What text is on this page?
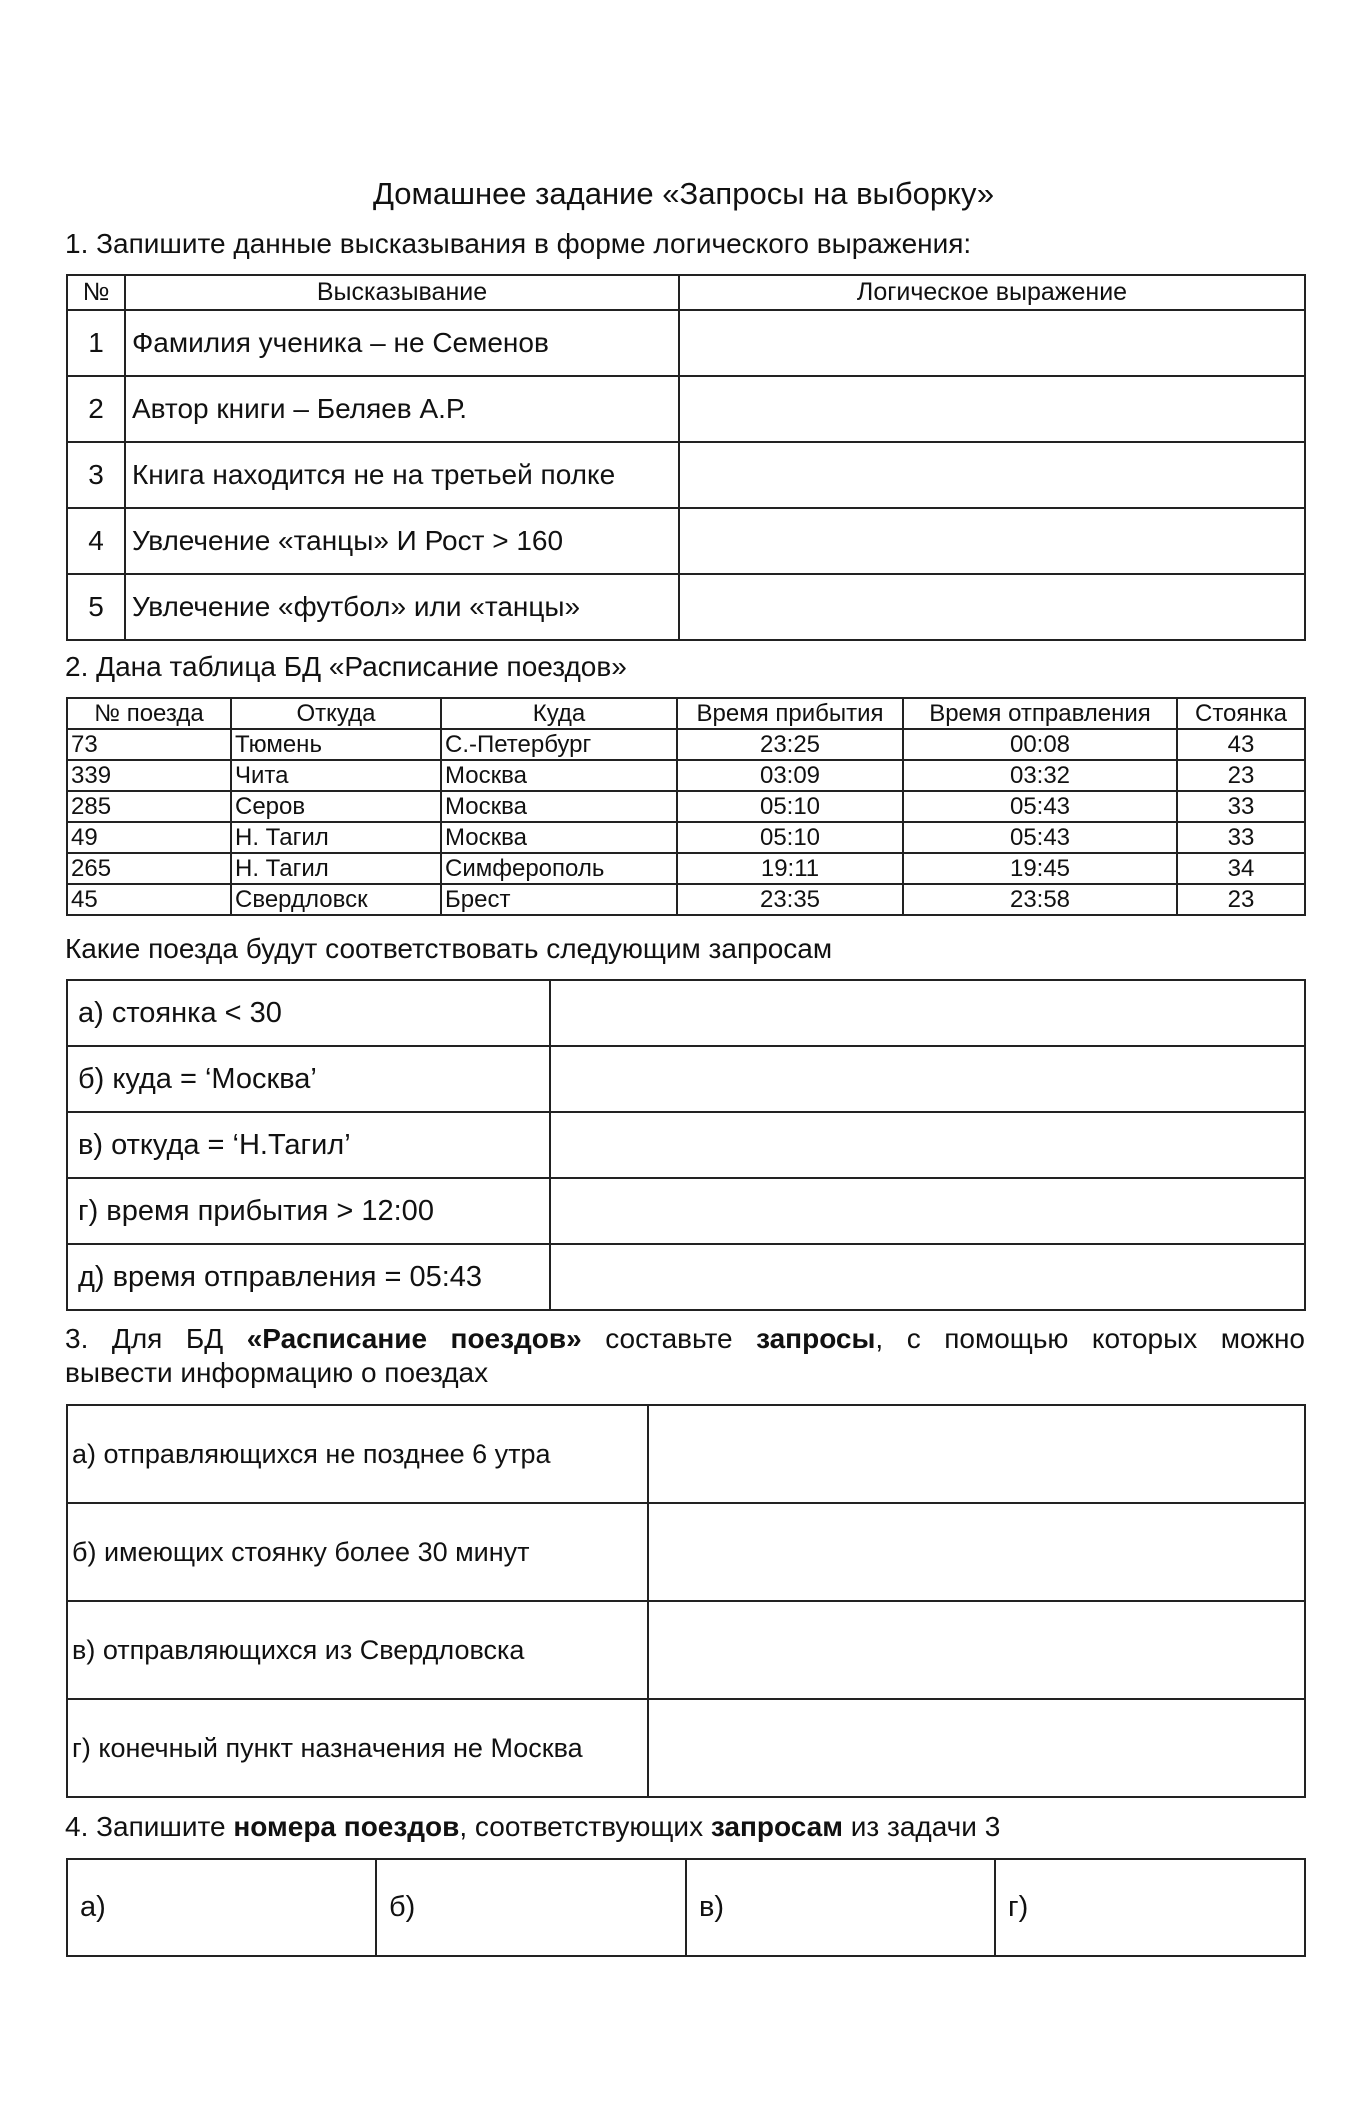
Домашнее задание «Запросы на выборку»
1. Запишите данные высказывания в форме логического выражения:
№	Высказывание	Логическое выражение
1	Фамилия ученика – не Семенов	
2	Автор книги – Беляев А.Р.	
3	Книга находится не на третьей полке	
4	Увлечение «танцы» И Рост > 160	
5	Увлечение «футбол» или «танцы»	
2. Дана таблица БД «Расписание поездов»
№ поезда	Откуда	Куда	Время прибытия	Время отправления	Стоянка
73	Тюмень	С.-Петербург	23:25	00:08	43
339	Чита	Москва	03:09	03:32	23
285	Серов	Москва	05:10	05:43	33
49	Н. Тагил	Москва	05:10	05:43	33
265	Н. Тагил	Симферополь	19:11	19:45	34
45	Свердловск	Брест	23:35	23:58	23
Какие поезда будут соответствовать следующим запросам
а) стоянка < 30	
б) куда = ‘Москва’	
в) откуда = ‘Н.Тагил’	
г) время прибытия > 12:00	
д) время отправления = 05:43	
3. Для БД «Расписание поездов» составьте запросы, с помощью которых можно
вывести информацию о поездах
а) отправляющихся не позднее 6 утра	
б) имеющих стоянку более 30 минут	
в) отправляющихся из Свердловска	
г) конечный пункт назначения не Москва	
4. Запишите номера поездов, соответствующих запросам из задачи 3
а)	б)	в)	г)
